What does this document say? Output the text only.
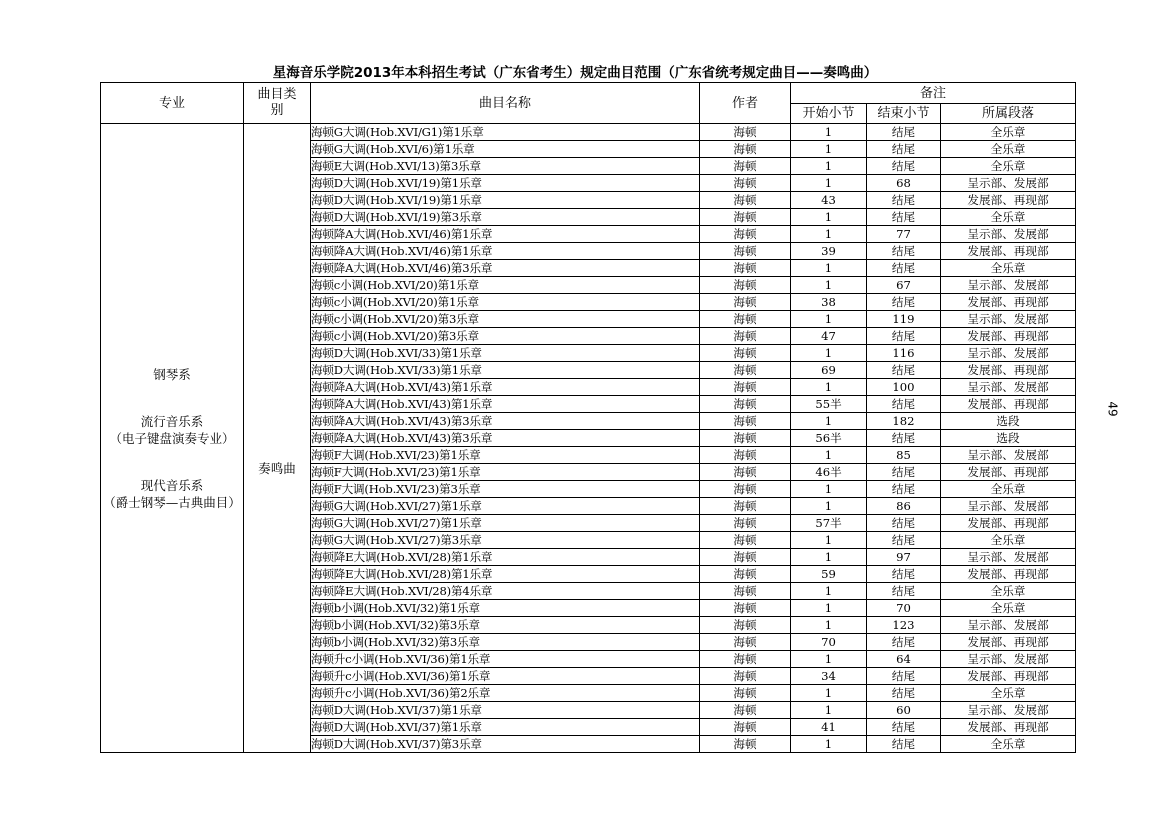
星海音乐学院2013年本科招生考试（广东省考生）规定曲目范围（广东省统考规定曲目——奏鸣曲）
专业	曲目类别	曲目名称	作者	备注		
				开始小节	结束小节	所属段落

钢琴系
流行音乐系
（电子键盘演奏专业）
现代音乐系
（爵士钢琴—古典曲目）	奏鸣曲	海顿G大调(Hob.XVI/G1)第1乐章	海顿	1	结尾	全乐章
		海顿G大调(Hob.XVI/6)第1乐章	海顿	1	结尾	全乐章
		海顿E大调(Hob.XVI/13)第3乐章	海顿	1	结尾	全乐章
		海顿D大调(Hob.XVI/19)第1乐章	海顿	1	68	呈示部、发展部
		海顿D大调(Hob.XVI/19)第1乐章	海顿	43	结尾	发展部、再现部
		海顿D大调(Hob.XVI/19)第3乐章	海顿	1	结尾	全乐章
		海顿降A大调(Hob.XVI/46)第1乐章	海顿	1	77	呈示部、发展部
		海顿降A大调(Hob.XVI/46)第1乐章	海顿	39	结尾	发展部、再现部
		海顿降A大调(Hob.XVI/46)第3乐章	海顿	1	结尾	全乐章
		海顿c小调(Hob.XVI/20)第1乐章	海顿	1	67	呈示部、发展部
		海顿c小调(Hob.XVI/20)第1乐章	海顿	38	结尾	发展部、再现部
		海顿c小调(Hob.XVI/20)第3乐章	海顿	1	119	呈示部、发展部
		海顿c小调(Hob.XVI/20)第3乐章	海顿	47	结尾	发展部、再现部
		海顿D大调(Hob.XVI/33)第1乐章	海顿	1	116	呈示部、发展部
		海顿D大调(Hob.XVI/33)第1乐章	海顿	69	结尾	发展部、再现部
		海顿降A大调(Hob.XVI/43)第1乐章	海顿	1	100	呈示部、发展部
		海顿降A大调(Hob.XVI/43)第1乐章	海顿	55半	结尾	发展部、再现部
		海顿降A大调(Hob.XVI/43)第3乐章	海顿	1	182	选段
		海顿降A大调(Hob.XVI/43)第3乐章	海顿	56半	结尾	选段
		海顿F大调(Hob.XVI/23)第1乐章	海顿	1	85	呈示部、发展部
		海顿F大调(Hob.XVI/23)第1乐章	海顿	46半	结尾	发展部、再现部
		海顿F大调(Hob.XVI/23)第3乐章	海顿	1	结尾	全乐章
		海顿G大调(Hob.XVI/27)第1乐章	海顿	1	86	呈示部、发展部
		海顿G大调(Hob.XVI/27)第1乐章	海顿	57半	结尾	发展部、再现部
		海顿G大调(Hob.XVI/27)第3乐章	海顿	1	结尾	全乐章
		海顿降E大调(Hob.XVI/28)第1乐章	海顿	1	97	呈示部、发展部
		海顿降E大调(Hob.XVI/28)第1乐章	海顿	59	结尾	发展部、再现部
		海顿降E大调(Hob.XVI/28)第4乐章	海顿	1	结尾	全乐章
		海顿b小调(Hob.XVI/32)第1乐章	海顿	1	70	全乐章
		海顿b小调(Hob.XVI/32)第3乐章	海顿	1	123	呈示部、发展部
		海顿b小调(Hob.XVI/32)第3乐章	海顿	70	结尾	发展部、再现部
		海顿升c小调(Hob.XVI/36)第1乐章	海顿	1	64	呈示部、发展部
		海顿升c小调(Hob.XVI/36)第1乐章	海顿	34	结尾	发展部、再现部
		海顿升c小调(Hob.XVI/36)第2乐章	海顿	1	结尾	全乐章
		海顿D大调(Hob.XVI/37)第1乐章	海顿	1	60	呈示部、发展部
		海顿D大调(Hob.XVI/37)第1乐章	海顿	41	结尾	发展部、再现部
		海顿D大调(Hob.XVI/37)第3乐章	海顿	1	结尾	全乐章
49
